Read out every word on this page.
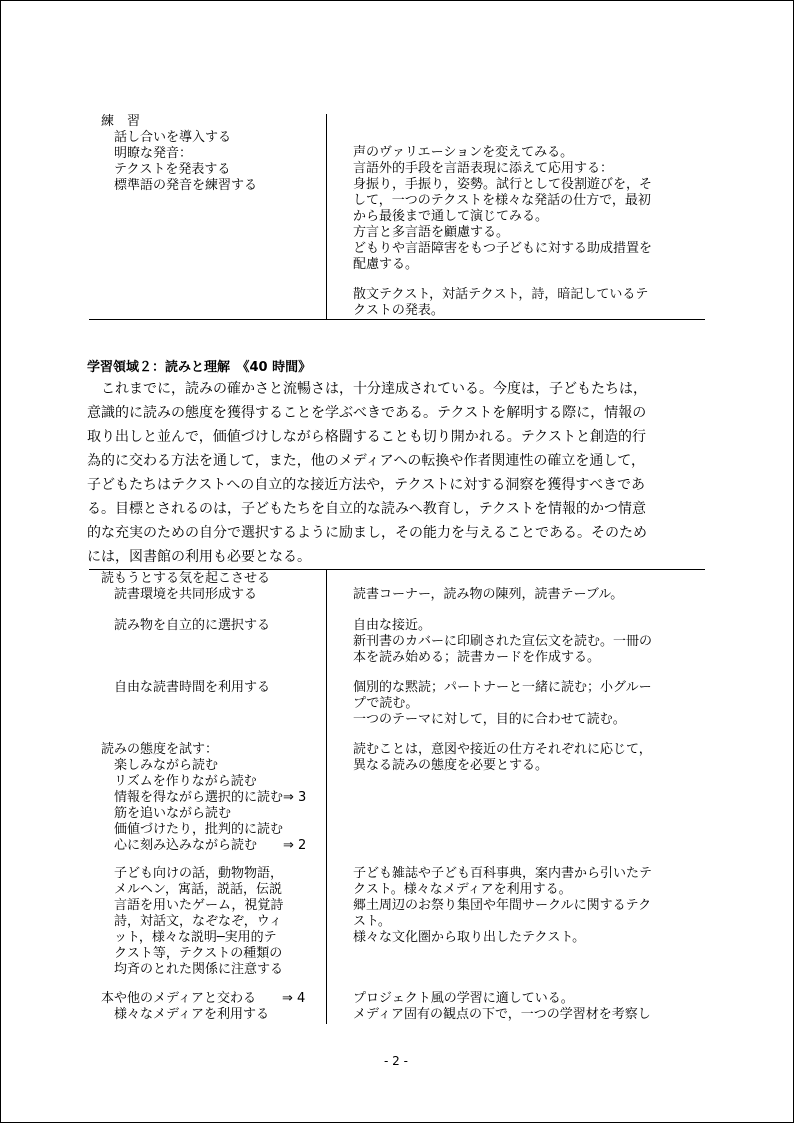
練　習
　話し合いを導入する
　明瞭な発音：
　テクストを発表する
　標準語の発音を練習する
声のヴァリエーションを変えてみる。
言語外的手段を言語表現に添えて応用する：
身振り，手振り，姿勢。試行として役割遊びを，そ
して，一つのテクストを様々な発話の仕方で，最初
から最後まで通して演じてみる。
方言と多言語を顧慮する。
どもりや言語障害をもつ子どもに対する助成措置を
配慮する。
散文テクスト，対話テクスト，詩，暗記しているテ
クストの発表。
学習領域２：読みと理解　《40 時間》
　これまでに，読みの確かさと流暢さは，十分達成されている。今度は，子どもたちは，
意識的に読みの態度を獲得することを学ぶべきである。テクストを解明する際に，情報の
取り出しと並んで，価値づけしながら格闘することも切り開かれる。テクストと創造的行
為的に交わる方法を通して，また，他のメディアへの転換や作者関連性の確立を通して，
子どもたちはテクストへの自立的な接近方法や，テクストに対する洞察を獲得すべきであ
る。目標とされるのは，子どもたちを自立的な読みへ教育し，テクストを情報的かつ情意
的な充実のための自分で選択するように励まし，その能力を与えることである。そのため
には，図書館の利用も必要となる。
読もうとする気を起こさせる
　読書環境を共同形成する
　読み物を自立的に選択する
　自由な読書時間を利用する
読みの態度を試す：
　楽しみながら読む
　リズムを作りながら読む
　情報を得ながら選択的に読む⇒ 3
　筋を追いながら読む
　価値づけたり，批判的に読む
　心に刻み込みながら読む　　⇒ 2
　子ども向けの話，動物物語，
　メルヘン，寓話，説話，伝説
　言語を用いたゲーム，視覚詩
　詩，対話文，なぞなぞ，ウィ
　ット，様々な説明─実用的テ
　クスト等，テクストの種類の
　均斉のとれた関係に注意する
本や他のメディアと交わる　　⇒ 4
　様々なメディアを利用する
読書コーナー，読み物の陳列，読書テーブル。
自由な接近。
新刊書のカバーに印刷された宣伝文を読む。一冊の
本を読み始める；読書カードを作成する。
個別的な黙読；パートナーと一緒に読む；小グルー
プで読む。
一つのテーマに対して，目的に合わせて読む。
読むことは，意図や接近の仕方それぞれに応じて，
異なる読みの態度を必要とする。
子ども雑誌や子ども百科事典，案内書から引いたテ
クスト。様々なメディアを利用する。
郷土周辺のお祭り集団や年間サークルに関するテク
スト。
様々な文化圏から取り出したテクスト。
プロジェクト風の学習に適している。
メディア固有の観点の下で，一つの学習材を考察し
- 2 -
